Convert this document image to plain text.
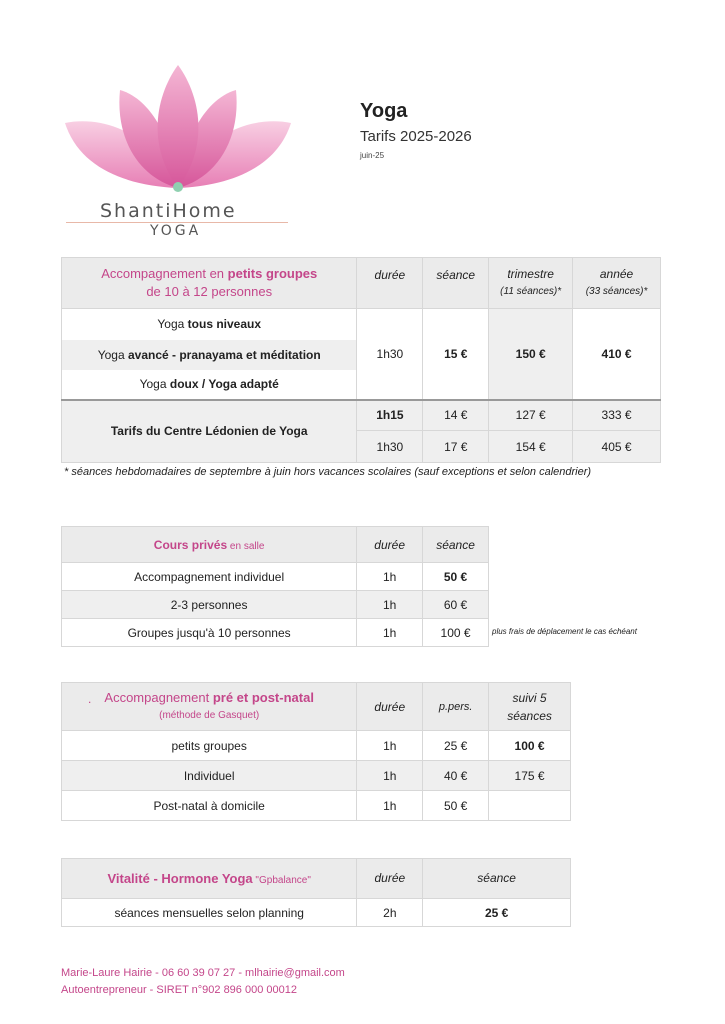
ShantiHome
YOGA
Yoga
Tarifs 2025-2026
juin-25
Accompagnement en petits groupes
de 10 à 12 personnes	durée	séance	trimestre
(11 séances)*	année
(33 séances)*
Yoga tous niveaux	1h30	15 €	150 €	410 €
Yoga avancé - pranayama et méditation				
Yoga doux / Yoga adapté				
Tarifs du Centre Lédonien de Yoga	1h15	14 €	127 €	333 €
	1h30	17 €	154 €	405 €
* séances hebdomadaires de septembre à juin hors vacances scolaires (sauf exceptions et selon calendrier)
Cours privés en salle	durée	séance
Accompagnement individuel	1h	50 €
2-3 personnes	1h	60 €
Groupes jusqu'à 10 personnes	1h	100 €	plus frais de déplacement le cas échéant
. Accompagnement pré et post-natal
(méthode de Gasquet)	durée	p.pers.	suivi 5
séances
petits groupes	1h	25 €	100 €
Individuel	1h	40 €	175 €
Post-natal à domicile	1h	50 €	
Vitalité - Hormone Yoga "Gpbalance"	durée	séance
séances mensuelles selon planning	2h	25 €
Marie-Laure Hairie - 06 60 39 07 27 - mlhairie@gmail.com
Autoentrepreneur - SIRET n°902 896 000 00012
